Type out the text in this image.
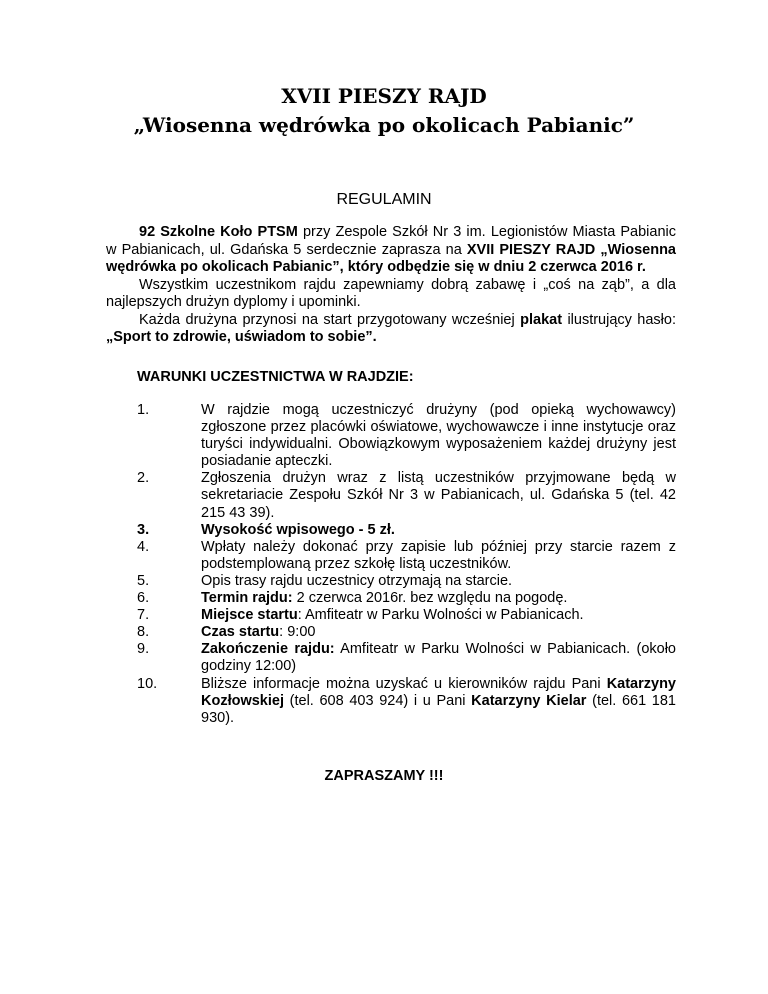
XVII PIESZY RAJD
„Wiosenna wędrówka po okolicach Pabianic”
REGULAMIN

92 Szkolne Koło PTSM przy Zespole Szkół Nr 3 im. Legionistów Miasta Pabianic w Pabianicach, ul. Gdańska 5 serdecznie zaprasza na XVII PIESZY RAJD „Wiosenna wędrówka po okolicach Pabianic”, który odbędzie się w dniu 2 czerwca 2016 r.

Wszystkim uczestnikom rajdu zapewniamy dobrą zabawę i „coś na ząb”, a dla najlepszych drużyn dyplomy i upominki.

Każda drużyna przynosi na start przygotowany wcześniej plakat ilustrujący hasło: „Sport to zdrowie, uświadom to sobie”.

WARUNKI UCZESTNICTWA W RAJDZIE:
1.	W rajdzie mogą uczestniczyć drużyny (pod opieką wychowawcy) zgłoszone przez placówki oświatowe, wychowawcze i inne instytucje oraz turyści indywidualni. Obowiązkowym wyposażeniem każdej drużyny jest posiadanie apteczki.
2.	Zgłoszenia drużyn wraz z listą uczestników przyjmowane będą w sekretariacie Zespołu Szkół Nr 3 w Pabianicach, ul. Gdańska 5 (tel. 42 215 43 39).
3.	Wysokość wpisowego - 5 zł.
4.	Wpłaty należy dokonać przy zapisie lub później przy starcie razem z podstemplowaną przez szkołę listą uczestników.
5.	Opis trasy rajdu uczestnicy otrzymają na starcie.
6.	Termin rajdu: 2 czerwca 2016r. bez względu na pogodę.
7.	Miejsce startu: Amfiteatr w Parku Wolności w Pabianicach.
8.	Czas startu: 9:00
9.	Zakończenie rajdu: Amfiteatr w Parku Wolności w Pabianicach. (około godziny 12:00)
10.	Bliższe informacje można uzyskać u kierowników rajdu Pani Katarzyny Kozłowskiej (tel. 608 403 924) i u Pani Katarzyny Kielar (tel. 661 181 930).
ZAPRASZAMY !!!
